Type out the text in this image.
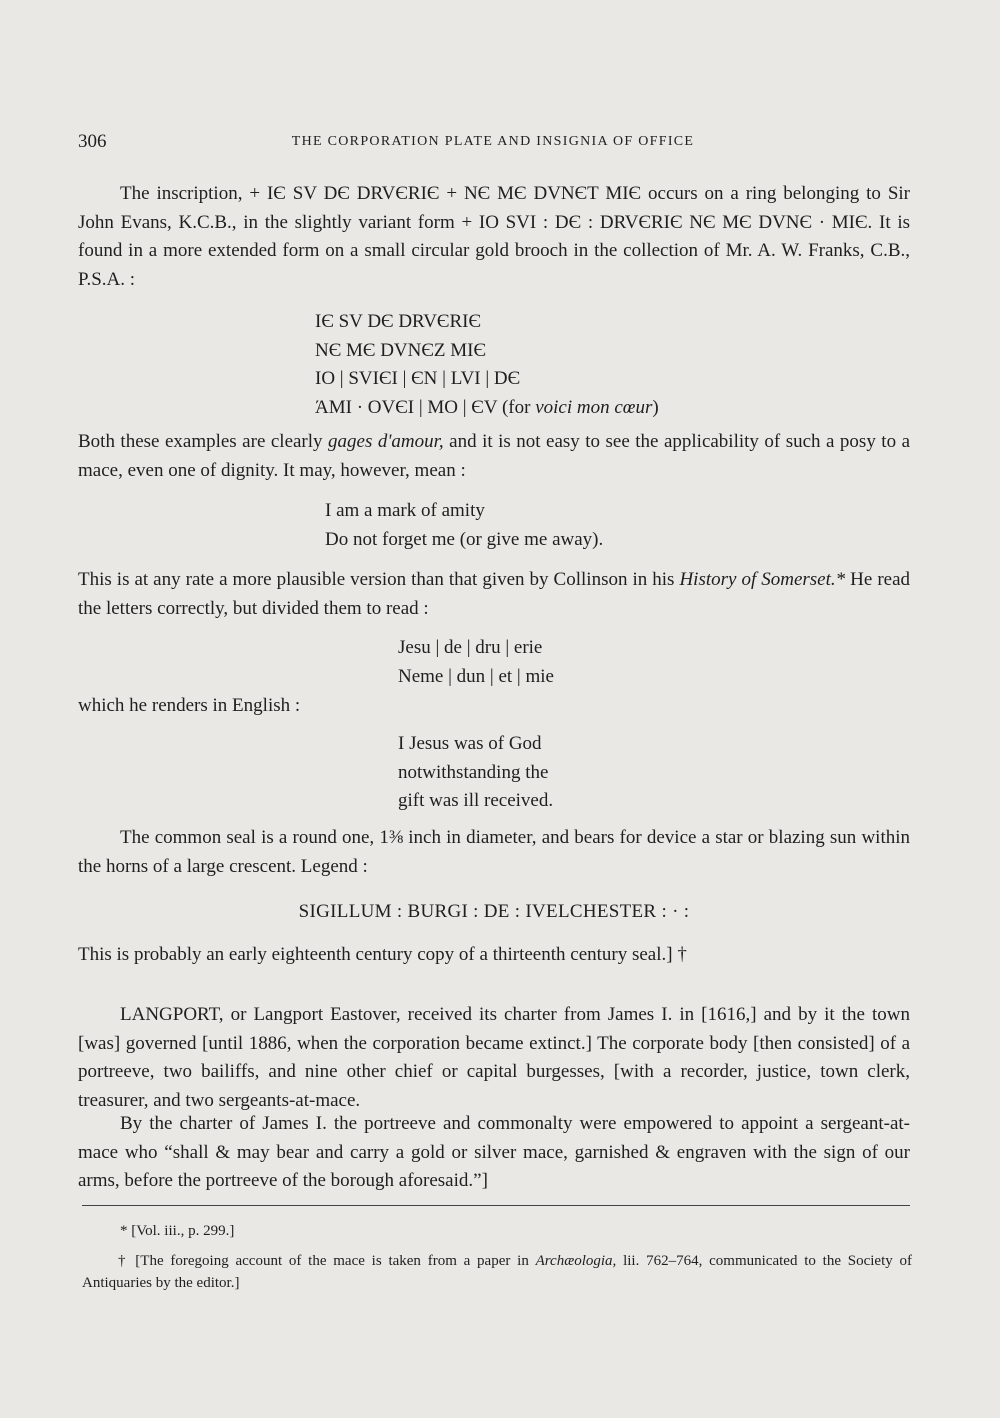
306	THE CORPORATION PLATE AND INSIGNIA OF OFFICE

The inscription, + IЄ SV DЄ DRVЄRIЄ + NЄ MЄ DVNЄT MIЄ occurs on a ring belonging to Sir John Evans, K.C.B., in the slightly variant form + IO SVI : DЄ : DRVЄRIЄ NЄ MЄ DVNЄ · MIЄ. It is found in a more extended form on a small circular gold brooch in the collection of Mr. A. W. Franks, C.B., P.S.A. :

IЄ SV DЄ DRVЄRIЄ
NЄ MЄ DVNЄZ MIЄ
IO | SVIЄI | ЄN | LVI | DЄ
ΆMI · OVЄI | MO | ЄV (for voici mon cœur)

Both these examples are clearly gages d'amour, and it is not easy to see the applicability of such a posy to a mace, even one of dignity. It may, however, mean :

I am a mark of amity
Do not forget me (or give me away).

This is at any rate a more plausible version than that given by Collinson in his History of Somerset.* He read the letters correctly, but divided them to read :

Jesu | de | dru | erie
Neme | dun | et | mie

which he renders in English :

I Jesus was of God
notwithstanding the
gift was ill received.

The common seal is a round one, 1⅜ inch in diameter, and bears for device a star or blazing sun within the horns of a large crescent. Legend :

SIGILLUM : BURGI : DE : IVELCHESTER : · :

This is probably an early eighteenth century copy of a thirteenth century seal.] †

LANGPORT, or Langport Eastover, received its charter from James I. in [1616,] and by it the town [was] governed [until 1886, when the corporation became extinct.] The corporate body [then consisted] of a portreeve, two bailiffs, and nine other chief or capital burgesses, [with a recorder, justice, town clerk, treasurer, and two sergeants-at-mace.

By the charter of James I. the portreeve and commonalty were empowered to appoint a sergeant-at-mace who “shall & may bear and carry a gold or silver mace, garnished & engraven with the sign of our arms, before the portreeve of the borough aforesaid.”]

* [Vol. iii., p. 299.]

† [The foregoing account of the mace is taken from a paper in Archæologia, lii. 762–764, communicated to the Society of Antiquaries by the editor.]
